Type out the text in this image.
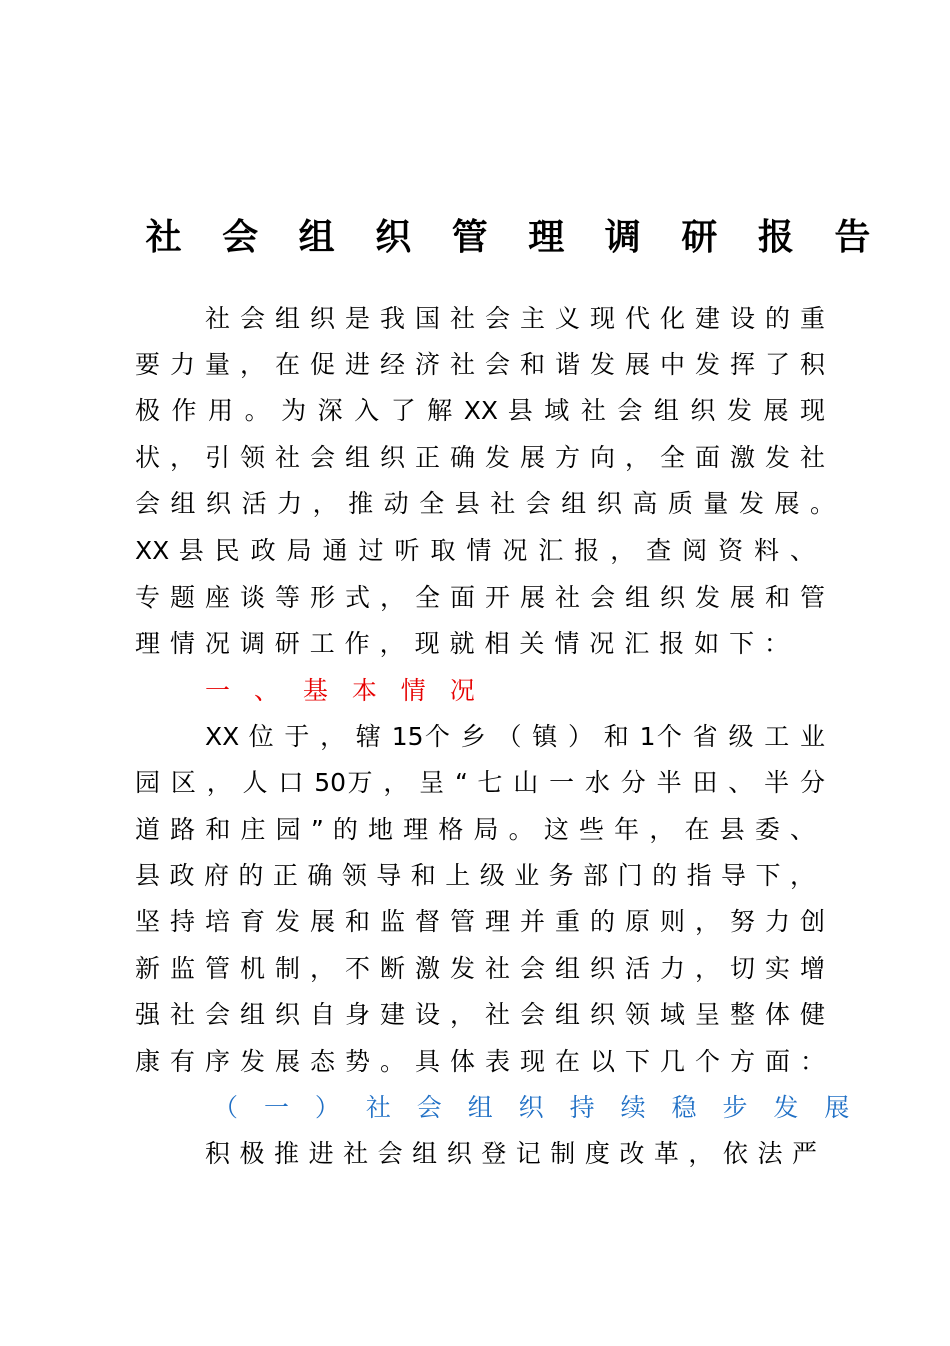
社 会 组 织 管 理 调 研 报 告
社 会 组 织 是 我 国 社 会 主 义 现 代 化 建 设 的 重
要 力 量 ， 在 促 进 经 济 社 会 和 谐 发 展 中 发 挥 了 积
极 作 用 。 为 深 入 了 解 XX 县 域 社 会 组 织 发 展 现
状 ， 引 领 社 会 组 织 正 确 发 展 方 向 ， 全 面 激 发 社
会 组 织 活 力 ， 推 动 全 县 社 会 组 织 高 质 量 发 展 。
XX 县 民 政 局 通 过 听 取 情 况 汇 报 ， 查 阅 资 料 、
专 题 座 谈 等 形 式 ， 全 面 开 展 社 会 组 织 发 展 和 管
理 情 况 调 研 工 作 ， 现 就 相 关 情 况 汇 报 如 下 ：
一 、 基 本 情 况
XX 位 于 ， 辖 15个 乡 （ 镇 ） 和 1个 省 级 工 业
园 区 ， 人 口 50万 ， 呈 “ 七 山 一 水 分 半 田 、 半 分
道 路 和 庄 园 ” 的 地 理 格 局 。 这 些 年 ， 在 县 委 、
县 政 府 的 正 确 领 导 和 上 级 业 务 部 门 的 指 导 下 ，
坚 持 培 育 发 展 和 监 督 管 理 并 重 的 原 则 ， 努 力 创
新 监 管 机 制 ， 不 断 激 发 社 会 组 织 活 力 ， 切 实 增
强 社 会 组 织 自 身 建 设 ， 社 会 组 织 领 域 呈 整 体 健
康 有 序 发 展 态 势 。 具 体 表 现 在 以 下 几 个 方 面 ：
（ 一 ） 社 会 组 织 持 续 稳 步 发 展
积 极 推 进 社 会 组 织 登 记 制 度 改 革 ， 依 法 严
